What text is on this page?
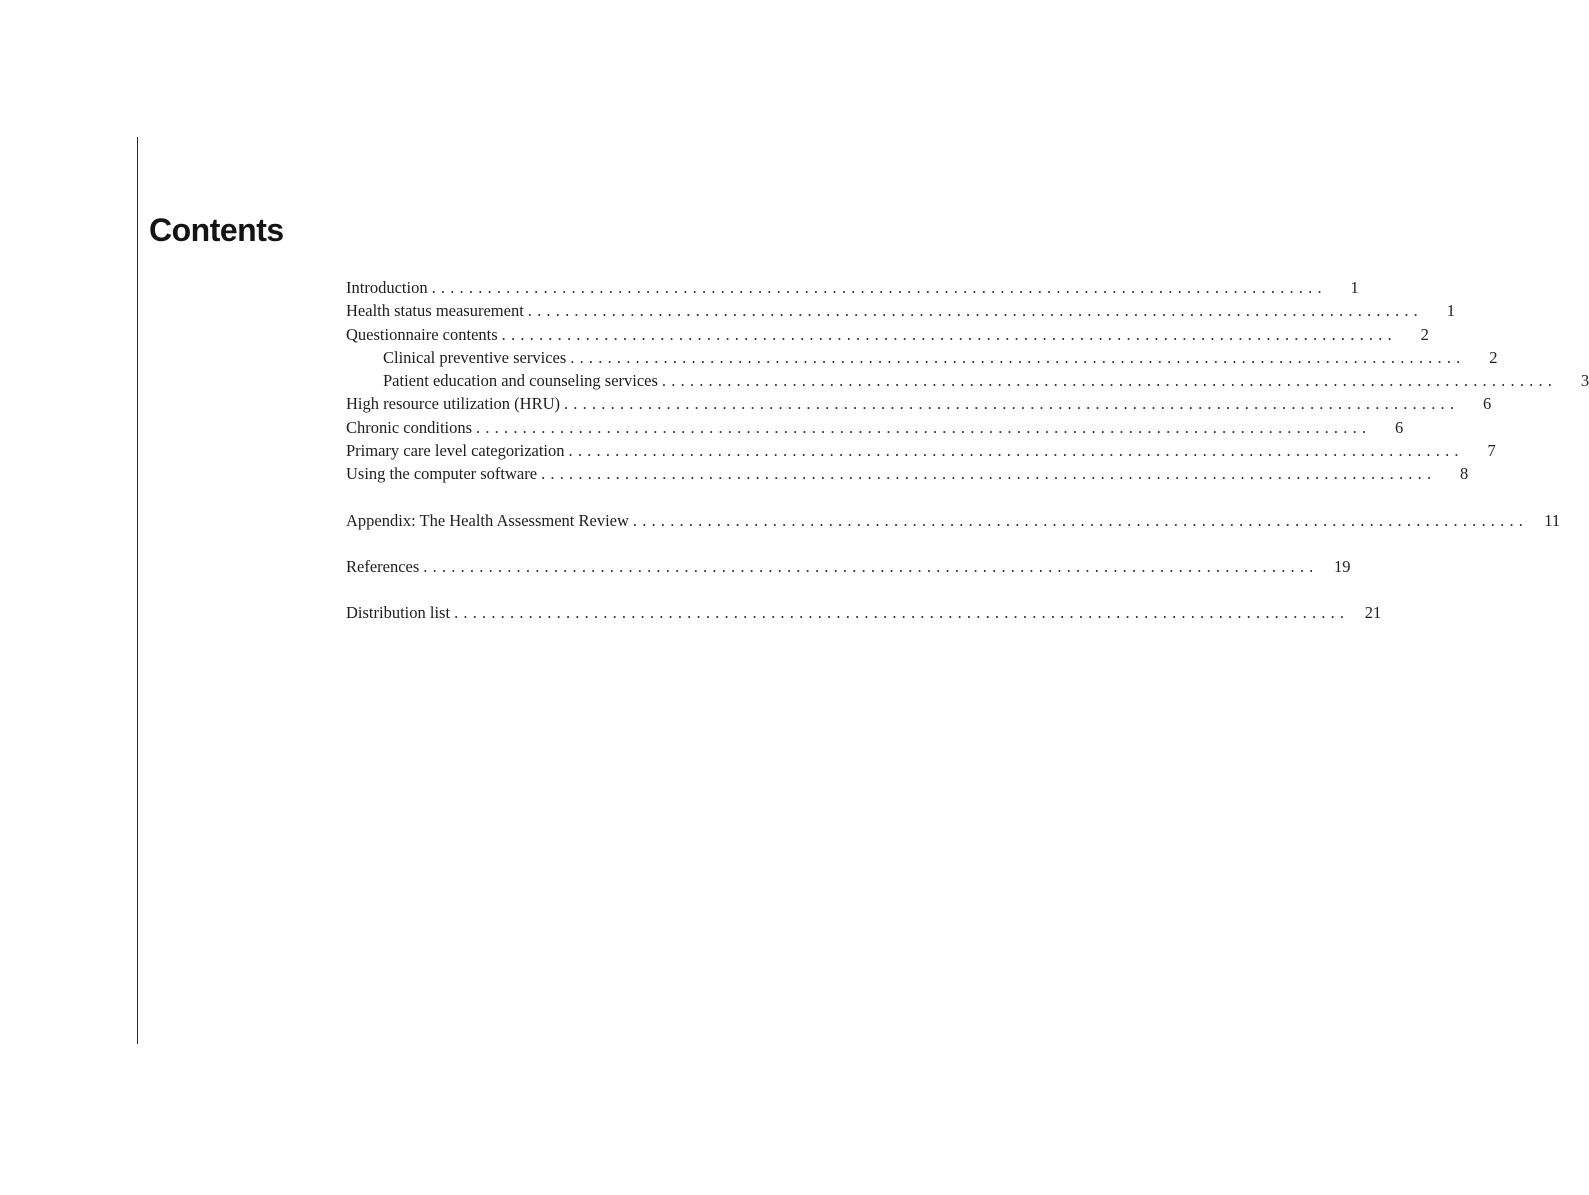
Contents
Introduction ................................................................................................	1
Health status measurement ................................................................................................	1
Questionnaire contents ................................................................................................	2
Clinical preventive services ................................................................................................	2
Patient education and counseling services ................................................................................................	3
High resource utilization (HRU) ................................................................................................	6
Chronic conditions ................................................................................................	6
Primary care level categorization ................................................................................................	7
Using the computer software ................................................................................................	8
Appendix: The Health Assessment Review ................................................................................................ 11
References ................................................................................................ 19
Distribution list ................................................................................................ 21
